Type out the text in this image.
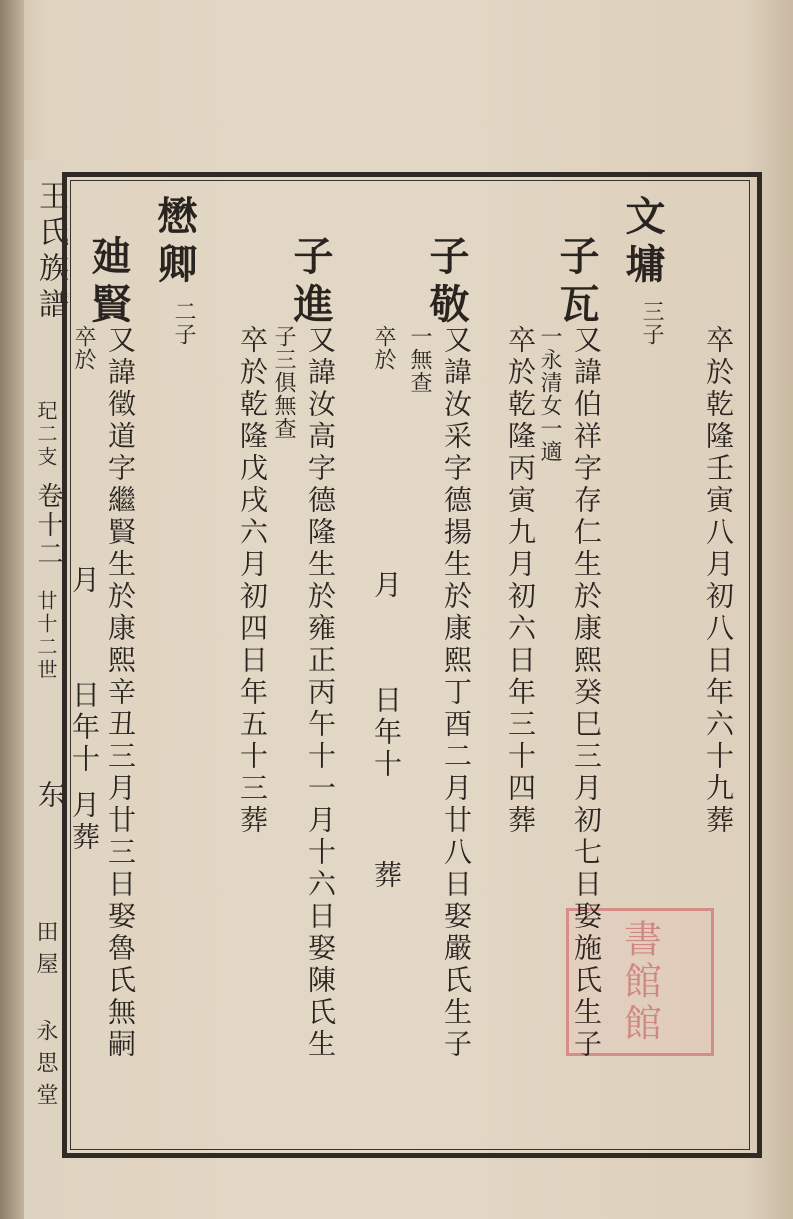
王氏族譜
玘二支
卷十二
廿十二世
东
田屋 永思堂	書館館
卒於乾隆壬寅八月初八日年六十九葬
文墉
三子
子瓦
又諱伯祥字存仁生於康熙癸巳三月初七日娶施氏生子
一永清女一適
卒於乾隆丙寅九月初六日年三十四葬
子敬
又諱汝采字德揚生於康熙丁酉二月廿八日娶嚴氏生子
一無查
卒於
月
日年十
葬
子進
又諱汝高字德隆生於雍正丙午十一月十六日娶陳氏生
子三俱無查
卒於乾隆戊戌六月初四日年五十三葬
懋卿
二子
廸賢
又諱徵道字繼賢生於康熙辛丑三月廿三日娶魯氏無嗣
卒於
月
日年十
月葬
